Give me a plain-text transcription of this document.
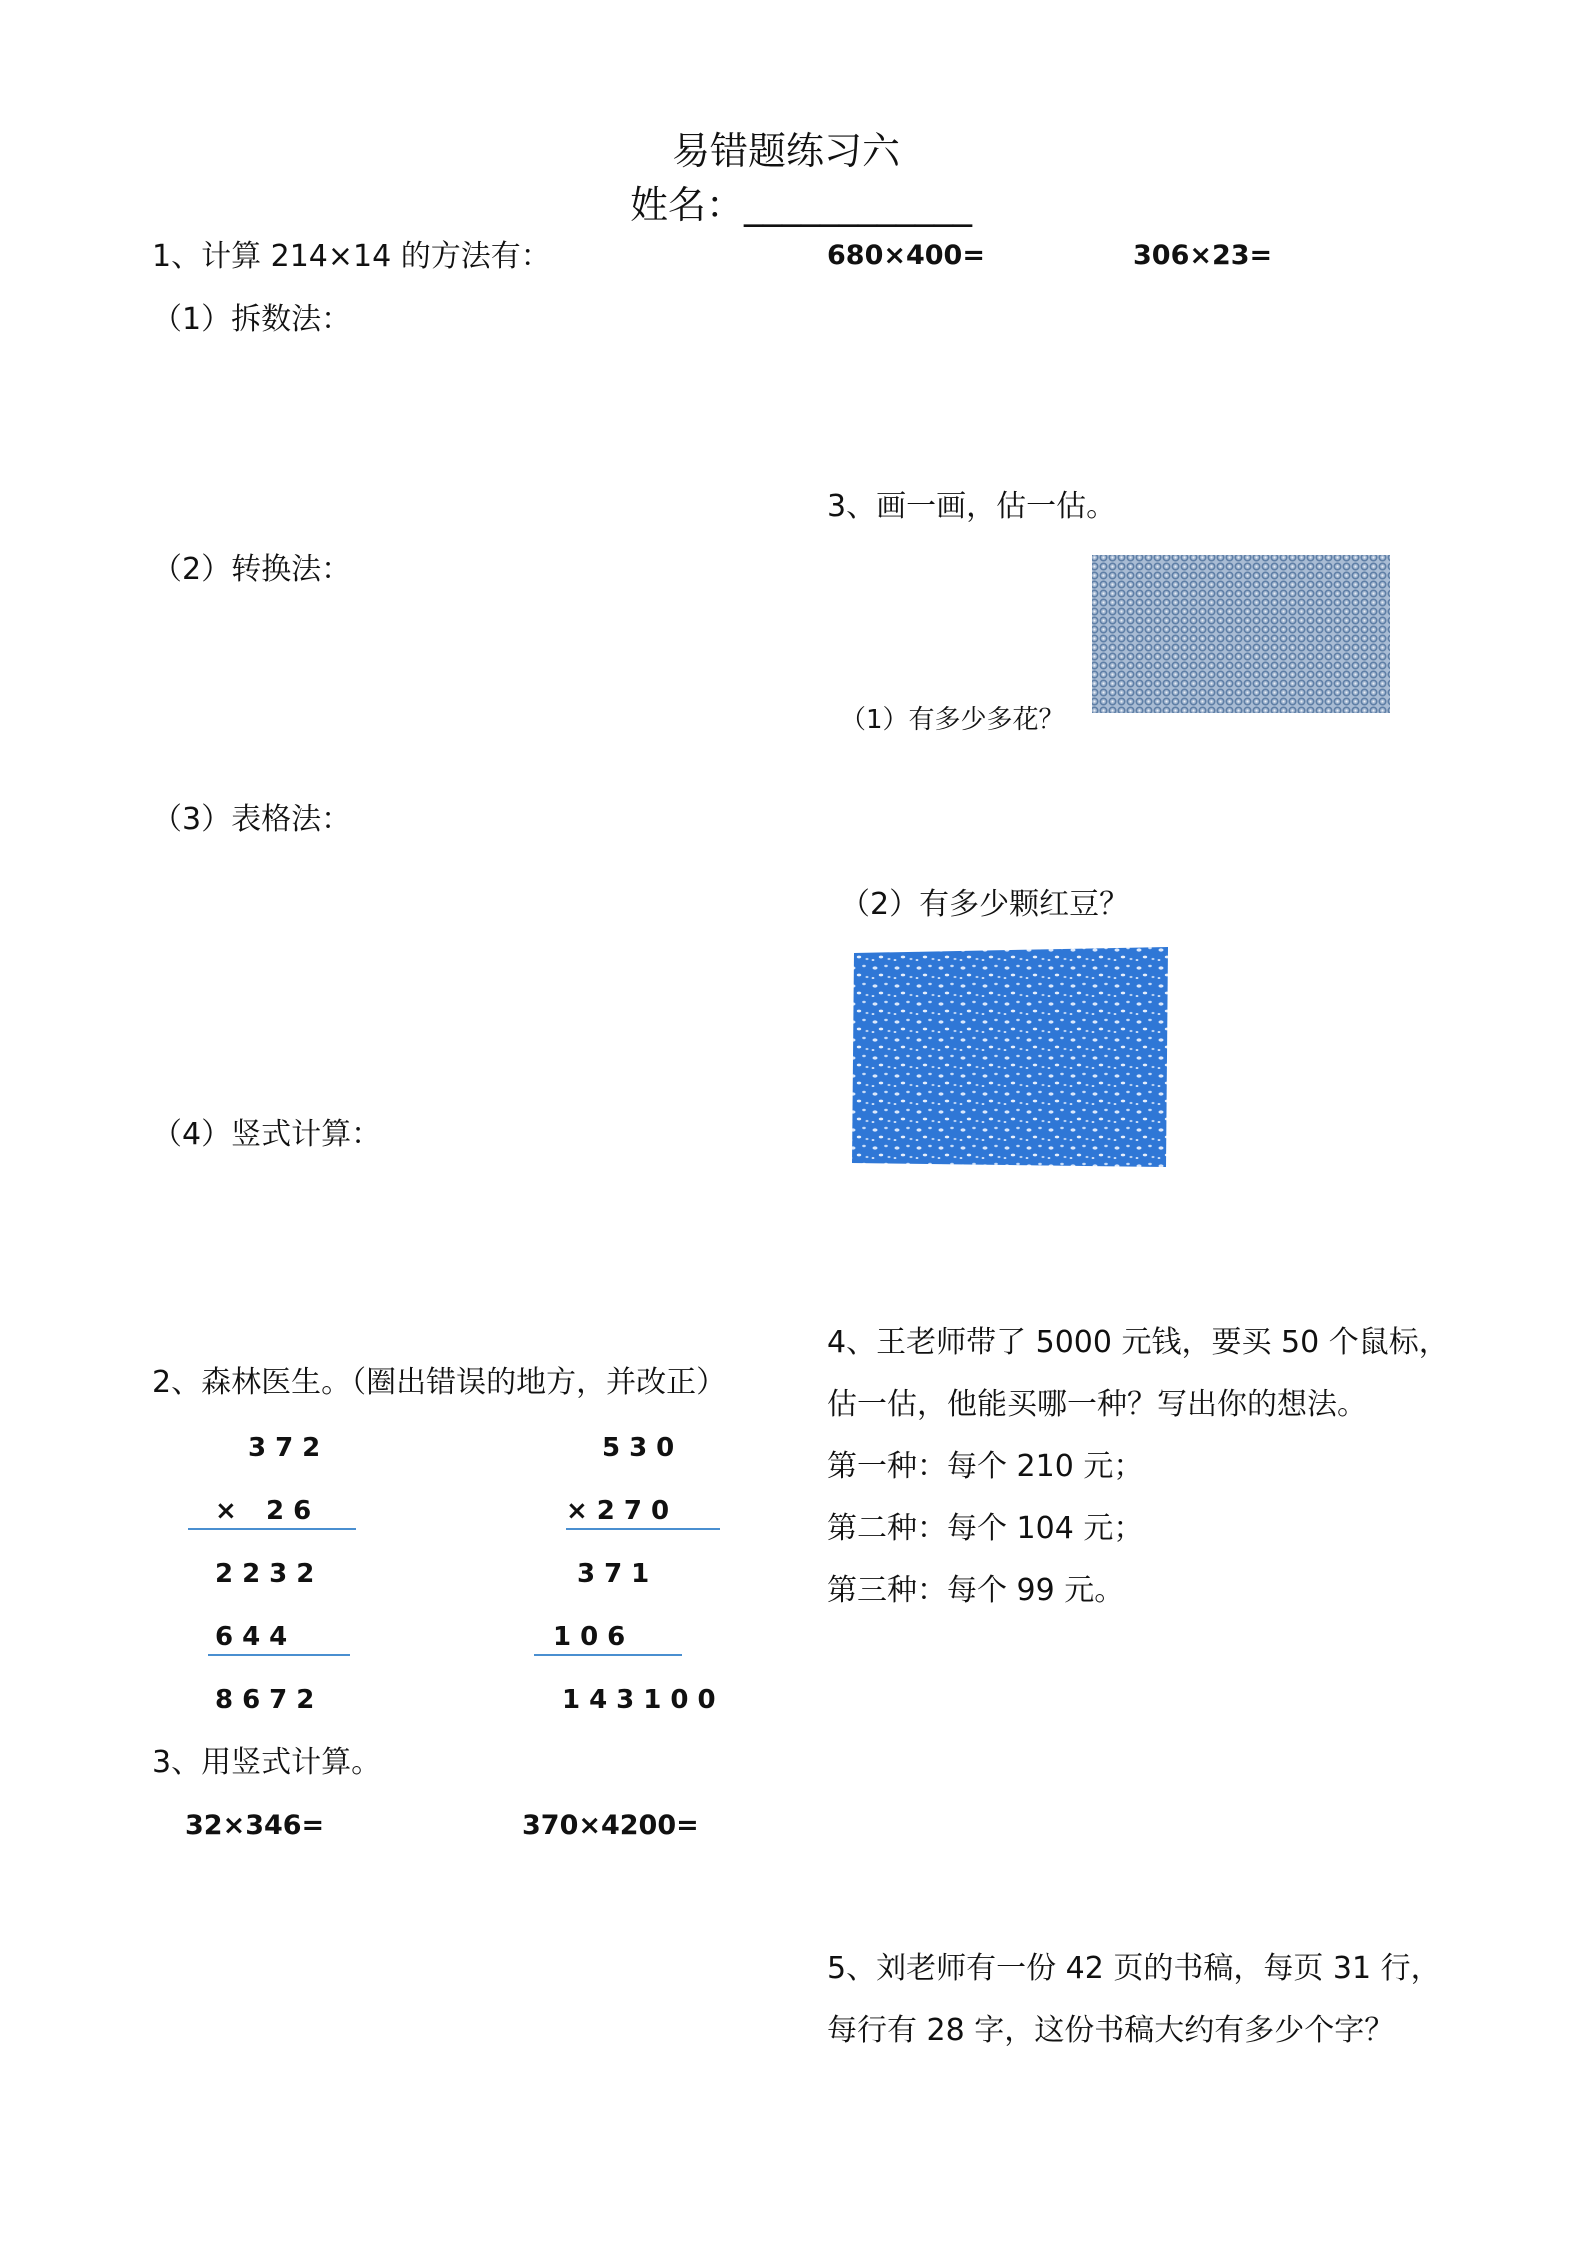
易错题练习六
姓名：____________
1、计算 214×14 的方法有：
（1）拆数法：
（2）转换法：
（3）表格法：
（4）竖式计算：
2、森林医生。（圈出错误的地方，并改正）
372
× 26
2232
644
8672
530
×270
371
106
143100
3、用竖式计算。
32×346=	370×4200=
680×400=	306×23=
3、画一画，估一估。
（1）有多少多花？
（2）有多少颗红豆？
4、王老师带了 5000 元钱，要买 50 个鼠标，
估一估，他能买哪一种？写出你的想法。
第一种：每个 210 元；
第二种：每个 104 元；
第三种：每个 99 元。
5、刘老师有一份 42 页的书稿，每页 31 行，
每行有 28 字，这份书稿大约有多少个字？
